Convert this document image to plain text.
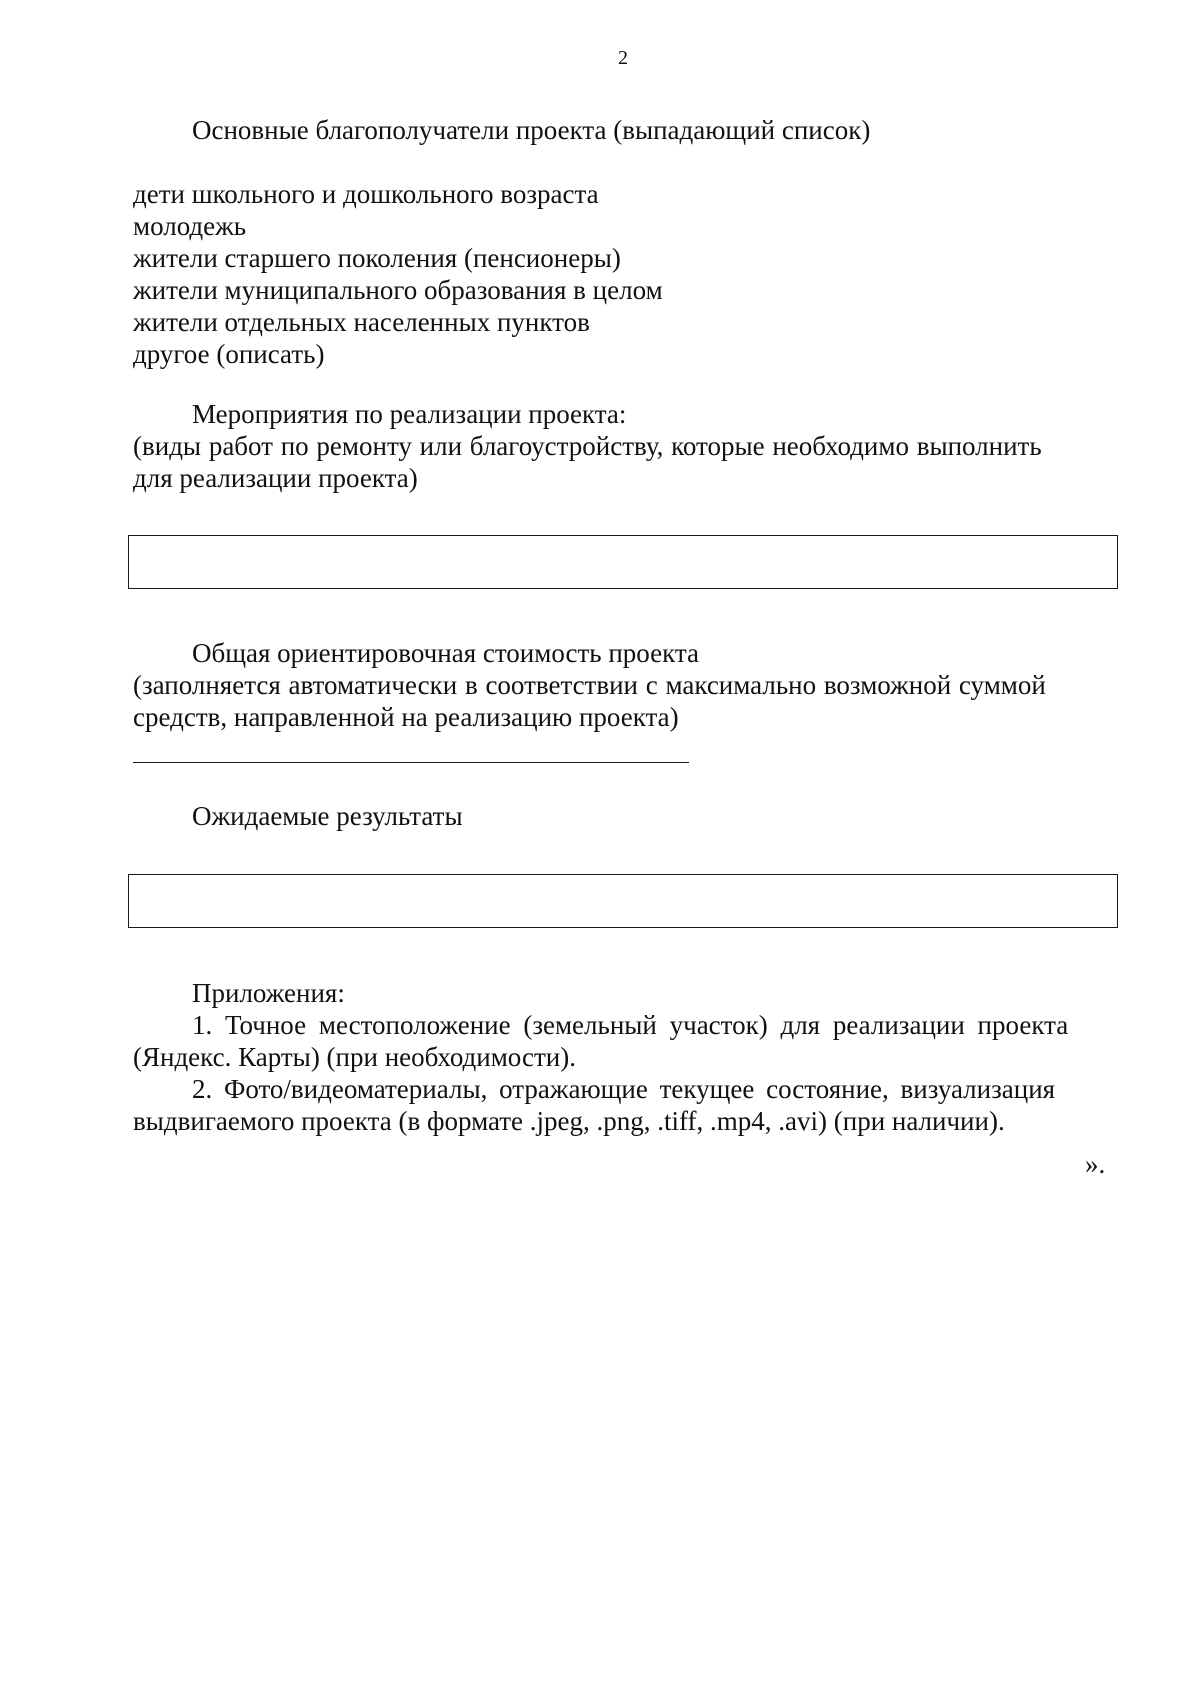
2
Основные благополучатели проекта (выпадающий список)
дети школьного и дошкольного возраста
молодежь
жители старшего поколения (пенсионеры)
жители муниципального образования в целом
жители отдельных населенных пунктов
другое (описать)
Мероприятия по реализации проекта:
(виды работ по ремонту или благоустройству, которые необходимо выполнить
для реализации проекта)
Общая ориентировочная стоимость проекта
(заполняется автоматически в соответствии с максимально возможной суммой
средств, направленной на реализацию проекта)
Ожидаемые результаты
Приложения:
1. Точное местоположение (земельный участок) для реализации проекта
(Яндекс. Карты) (при необходимости).
2. Фото/видеоматериалы, отражающие текущее состояние, визуализация
выдвигаемого проекта (в формате .jpeg, .png, .tiff, .mp4, .avi) (при наличии).
».
